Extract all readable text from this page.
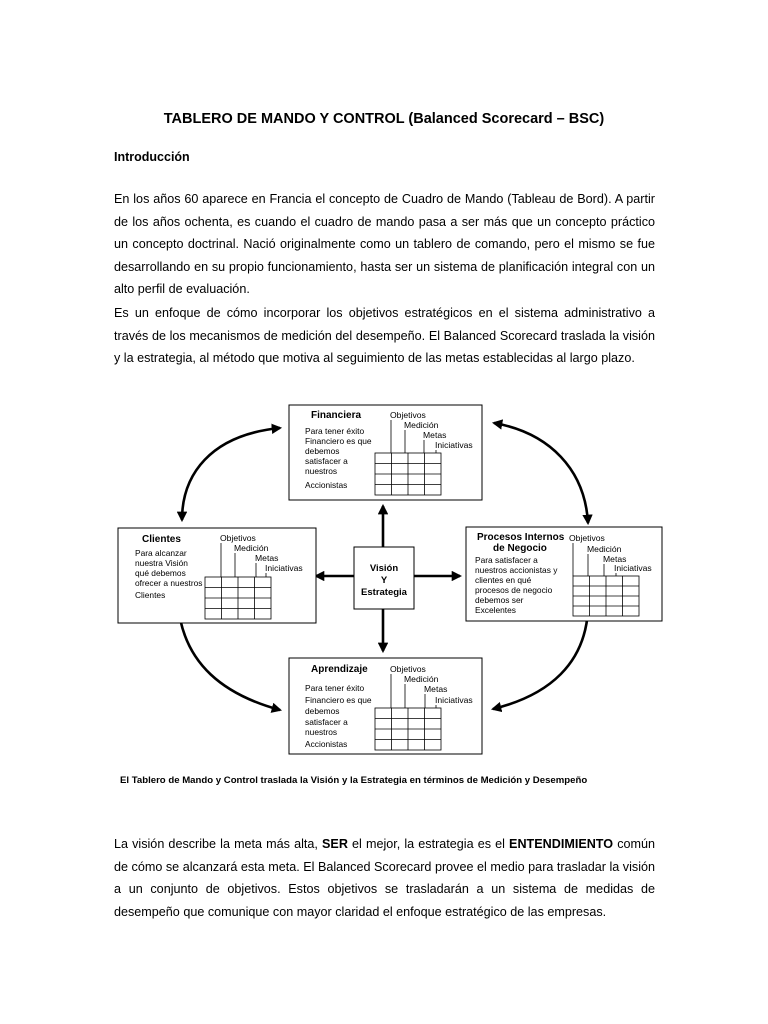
TABLERO DE MANDO Y CONTROL (Balanced Scorecard – BSC)

Introducción

En los años 60 aparece en Francia el concepto de Cuadro de Mando (Tableau de Bord). A partir de los años ochenta, es cuando el cuadro de mando pasa a ser más que un concepto práctico un concepto doctrinal. Nació originalmente como un tablero de comando, pero el mismo se fue desarrollando en su propio funcionamiento, hasta ser un sistema de planificación integral con un alto perfil de evaluación.

Es un enfoque de cómo incorporar los objetivos estratégicos en el sistema administrativo a través de los mecanismos de medición del desempeño. El Balanced Scorecard traslada la visión y la estrategia, al método que motiva al seguimiento de las metas establecidas al largo plazo.

Visión
Y
Estrategia
Financiera
Para tener éxito
Financiero es que
debemos
satisfacer a
nuestros
Accionistas
Objetivos
Medición
Metas
Iniciativas
Clientes
Para alcanzar
nuestra Visión
qué debemos
ofrecer a nuestros
Clientes
Objetivos
Medición
Metas
Iniciativas
Procesos Internos
de Negocio
Para satisfacer a
nuestros accionistas y
clientes en qué
procesos de negocio
debemos ser
Excelentes
Objetivos
Medición
Metas
Iniciativas
Aprendizaje
Para tener éxito
Financiero es que
debemos
satisfacer a
nuestros
Accionistas
Objetivos
Medición
Metas
Iniciativas

El Tablero de Mando y Control traslada la Visión y la Estrategia en términos de Medición y Desempeño

La visión describe la meta más alta, SER el mejor, la estrategia es el ENTENDIMIENTO común de cómo se alcanzará esta meta. El Balanced Scorecard provee el medio para trasladar la visión a un conjunto de objetivos. Estos objetivos se trasladarán a un sistema de medidas de desempeño que comunique con mayor claridad el enfoque estratégico de las empresas.
